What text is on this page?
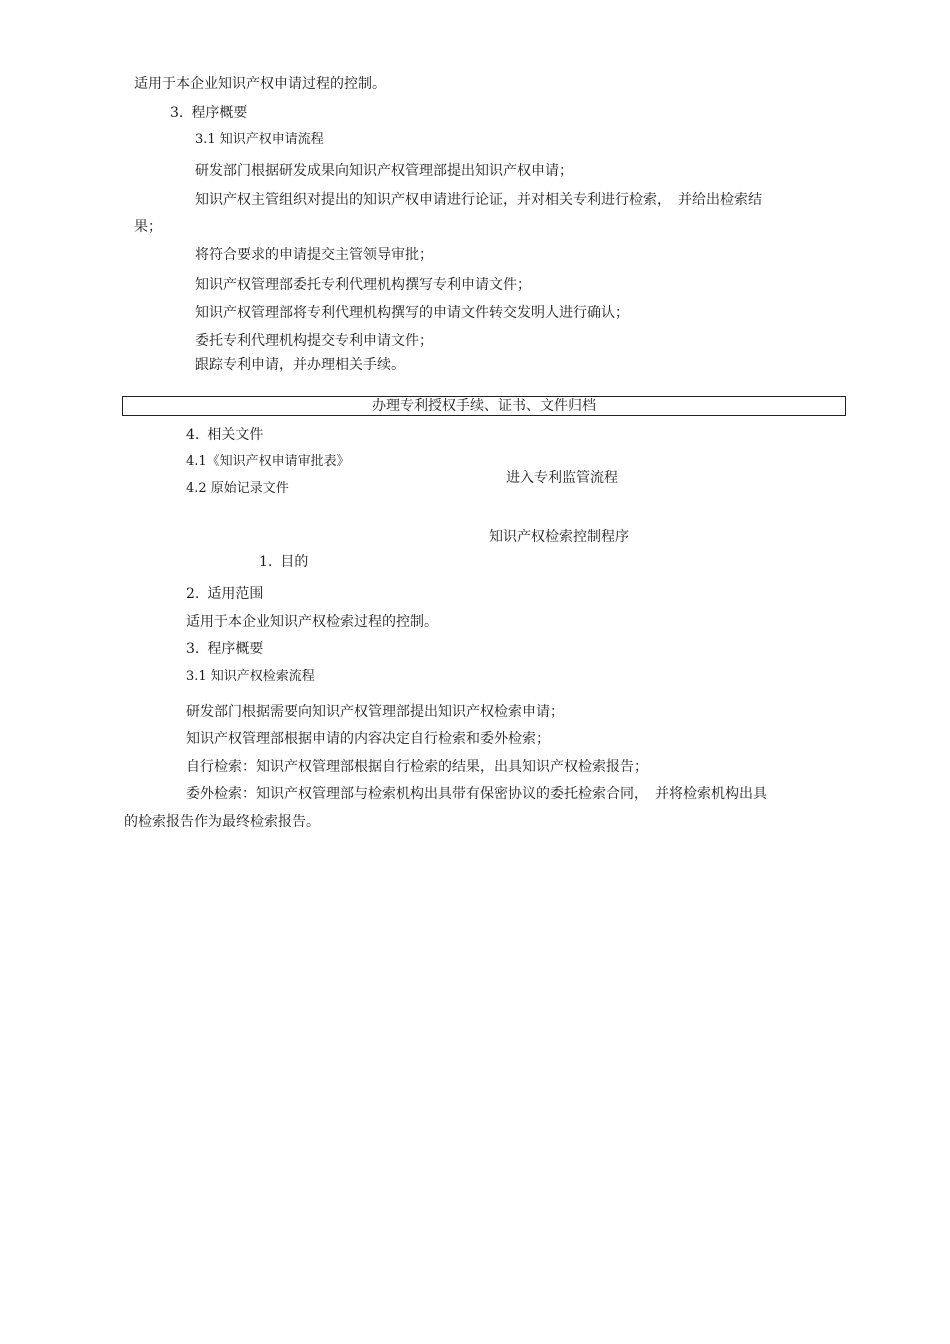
适用于本企业知识产权申请过程的控制。

3. 程序概要

3.1 知识产权申请流程

研发部门根据研发成果向知识产权管理部提出知识产权申请；

知识产权主管组织对提出的知识产权申请进行论证，并对相关专利进行检索，　并给出检索结

果；

将符合要求的申请提交主管领导审批；

知识产权管理部委托专利代理机构撰写专利申请文件；

知识产权管理部将专利代理机构撰写的申请文件转交发明人进行确认；

委托专利代理机构提交专利申请文件；

跟踪专利申请，并办理相关手续。

办理专利授权手续、证书、文件归档

4. 相关文件

4.1《知识产权申请审批表》

4.2 原始记录文件

进入专利监管流程

知识产权检索控制程序

1. 目的

2. 适用范围

适用于本企业知识产权检索过程的控制。

3. 程序概要

3.1 知识产权检索流程

研发部门根据需要向知识产权管理部提出知识产权检索申请；

知识产权管理部根据申请的内容决定自行检索和委外检索；

自行检索：知识产权管理部根据自行检索的结果，出具知识产权检索报告；

委外检索：知识产权管理部与检索机构出具带有保密协议的委托检索合同，　并将检索机构出具

的检索报告作为最终检索报告。
